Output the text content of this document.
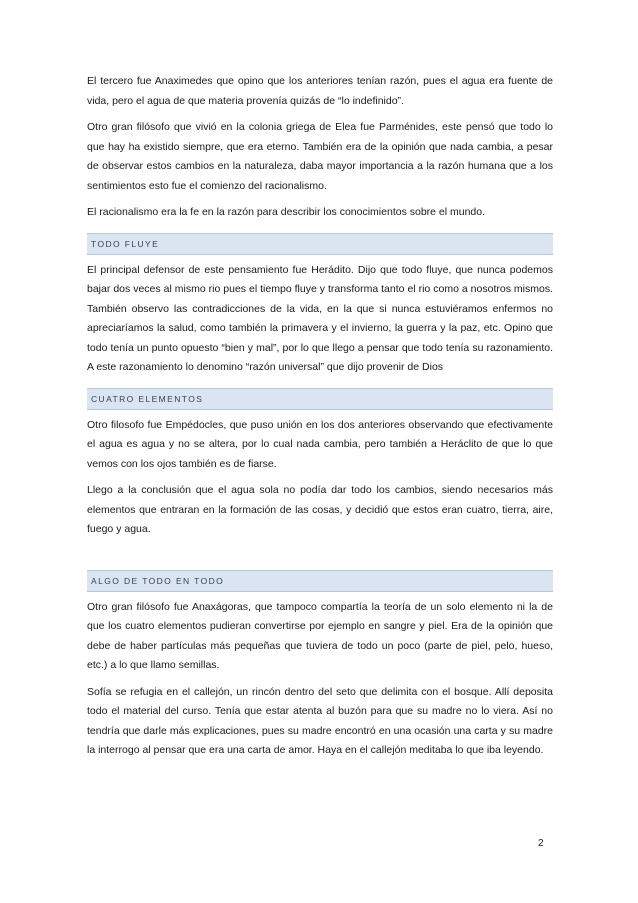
El tercero fue Anaximedes que opino que los anteriores tenían razón, pues el agua era fuente de vida, pero el agua de que materia provenía quizás de “lo indefinido”.

Otro gran filósofo que vivió en la colonia griega de Elea fue Parménides, este pensó que todo lo que hay ha existido siempre, que era eterno. También era de la opinión que nada cambia, a pesar de observar estos cambios en la naturaleza, daba mayor importancia a la razón humana que a los sentimientos esto fue el comienzo del racionalismo.

El racionalismo era la fe en la razón para describir los conocimientos sobre el mundo.

TODO FLUYE

El principal defensor de este pensamiento fue Herádito. Dijo que todo fluye, que nunca podemos bajar dos veces al mismo rio pues el tiempo fluye y transforma tanto el rio como a nosotros mismos. También observo las contradicciones de la vida, en la que si nunca estuviéramos enfermos no apreciaríamos la salud, como también la primavera y el invierno, la guerra y la paz, etc. Opino que todo tenía un punto opuesto “bien y mal”, por lo que llego a pensar que todo tenía su razonamiento. A este razonamiento lo denomino “razón universal” que dijo provenir de Dios

CUATRO ELEMENTOS

Otro filosofo fue Empédocles, que puso unión en los dos anteriores observando que efectivamente el agua es agua y no se altera, por lo cual nada cambia, pero también a Heráclito de que lo que vemos con los ojos también es de fiarse.

Llego a la conclusión que el agua sola no podía dar todo los cambios, siendo necesarios más elementos que entraran en la formación de las cosas, y decidió que estos eran cuatro, tierra, aire, fuego y agua.

ALGO DE TODO EN TODO

Otro gran filósofo fue Anaxágoras, que tampoco compartía la teoría de un solo elemento ni la de que los cuatro elementos pudieran convertirse por ejemplo en sangre y piel. Era de la opinión que debe de haber partículas más pequeñas que tuviera de todo un poco (parte de piel, pelo, hueso, etc.) a lo que llamo semillas.

Sofía se refugia en el callejón, un rincón dentro del seto que delimita con el bosque. Allí deposita todo el material del curso. Tenía que estar atenta al buzón para que su madre no lo viera. Así no tendría que darle más explicaciones, pues su madre encontró en una ocasión una carta y su madre la interrogo al pensar que era una carta de amor. Haya en el callejón meditaba lo que iba leyendo.

2
